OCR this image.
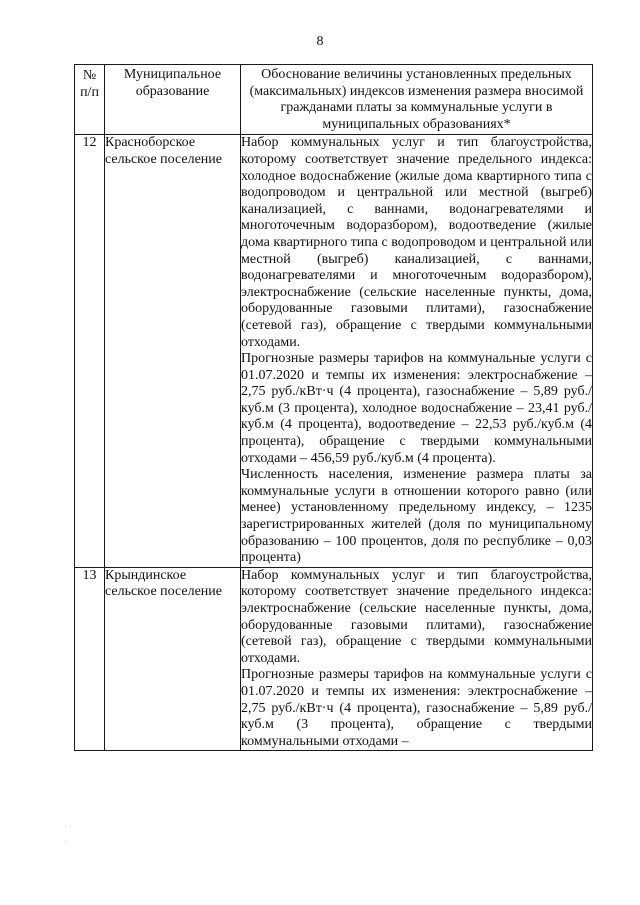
8
№ п/п	Муниципальное образование	Обоснование величины установленных предельных (максимальных) индексов изменения размера вносимой гражданами платы за коммунальные услуги в муниципальных образованиях*
12	Красноборское сельское поселение	Набор коммунальных услуг и тип благоустройства, которому соответствует значение предельного индекса: холодное водоснабжение (жилые дома квартирного типа с водопроводом и центральной или местной (выгреб) канализацией, с ваннами, водонагревателями и многоточечным водоразбором), водоотведение (жилые дома квартирного типа с водопроводом и центральной или местной (выгреб) канализацией, с ваннами, водонагревателями и многоточечным водоразбором), электроснабжение (сельские населенные пункты, дома, оборудованные газовыми плитами), газоснабжение (сетевой газ), обращение с твердыми коммунальными отходами.

Прогнозные размеры тарифов на коммунальные услуги с 01.07.2020 и темпы их изменения: электроснабжение – 2,75 руб./кВт·ч (4 процента), газоснабжение – 5,89 руб./куб.м (3 процента), холодное водоснабжение – 23,41 руб./куб.м (4 процента), водоотведение – 22,53 руб./куб.м (4 процента), обращение с твердыми коммунальными отходами – 456,59 руб./куб.м (4 процента).

Численность населения, изменение размера платы за коммунальные услуги в отношении которого равно (или менее) установленному предельному индексу, – 1235 зарегистрированных жителей (доля по муниципальному образованию – 100 процентов, доля по республике – 0,03 процента)

13	Крындинское сельское поселение	Набор коммунальных услуг и тип благоустройства, которому соответствует значение предельного индекса: электроснабжение (сельские населенные пункты, дома, оборудованные газовыми плитами), газоснабжение (сетевой газ), обращение с твердыми коммунальными отходами.

Прогнозные размеры тарифов на коммунальные услуги с 01.07.2020 и темпы их изменения: электроснабжение – 2,75 руб./кВт·ч (4 процента), газоснабжение – 5,89 руб./куб.м (3 процента), обращение с твердыми коммунальными отходами –

· ·
·
